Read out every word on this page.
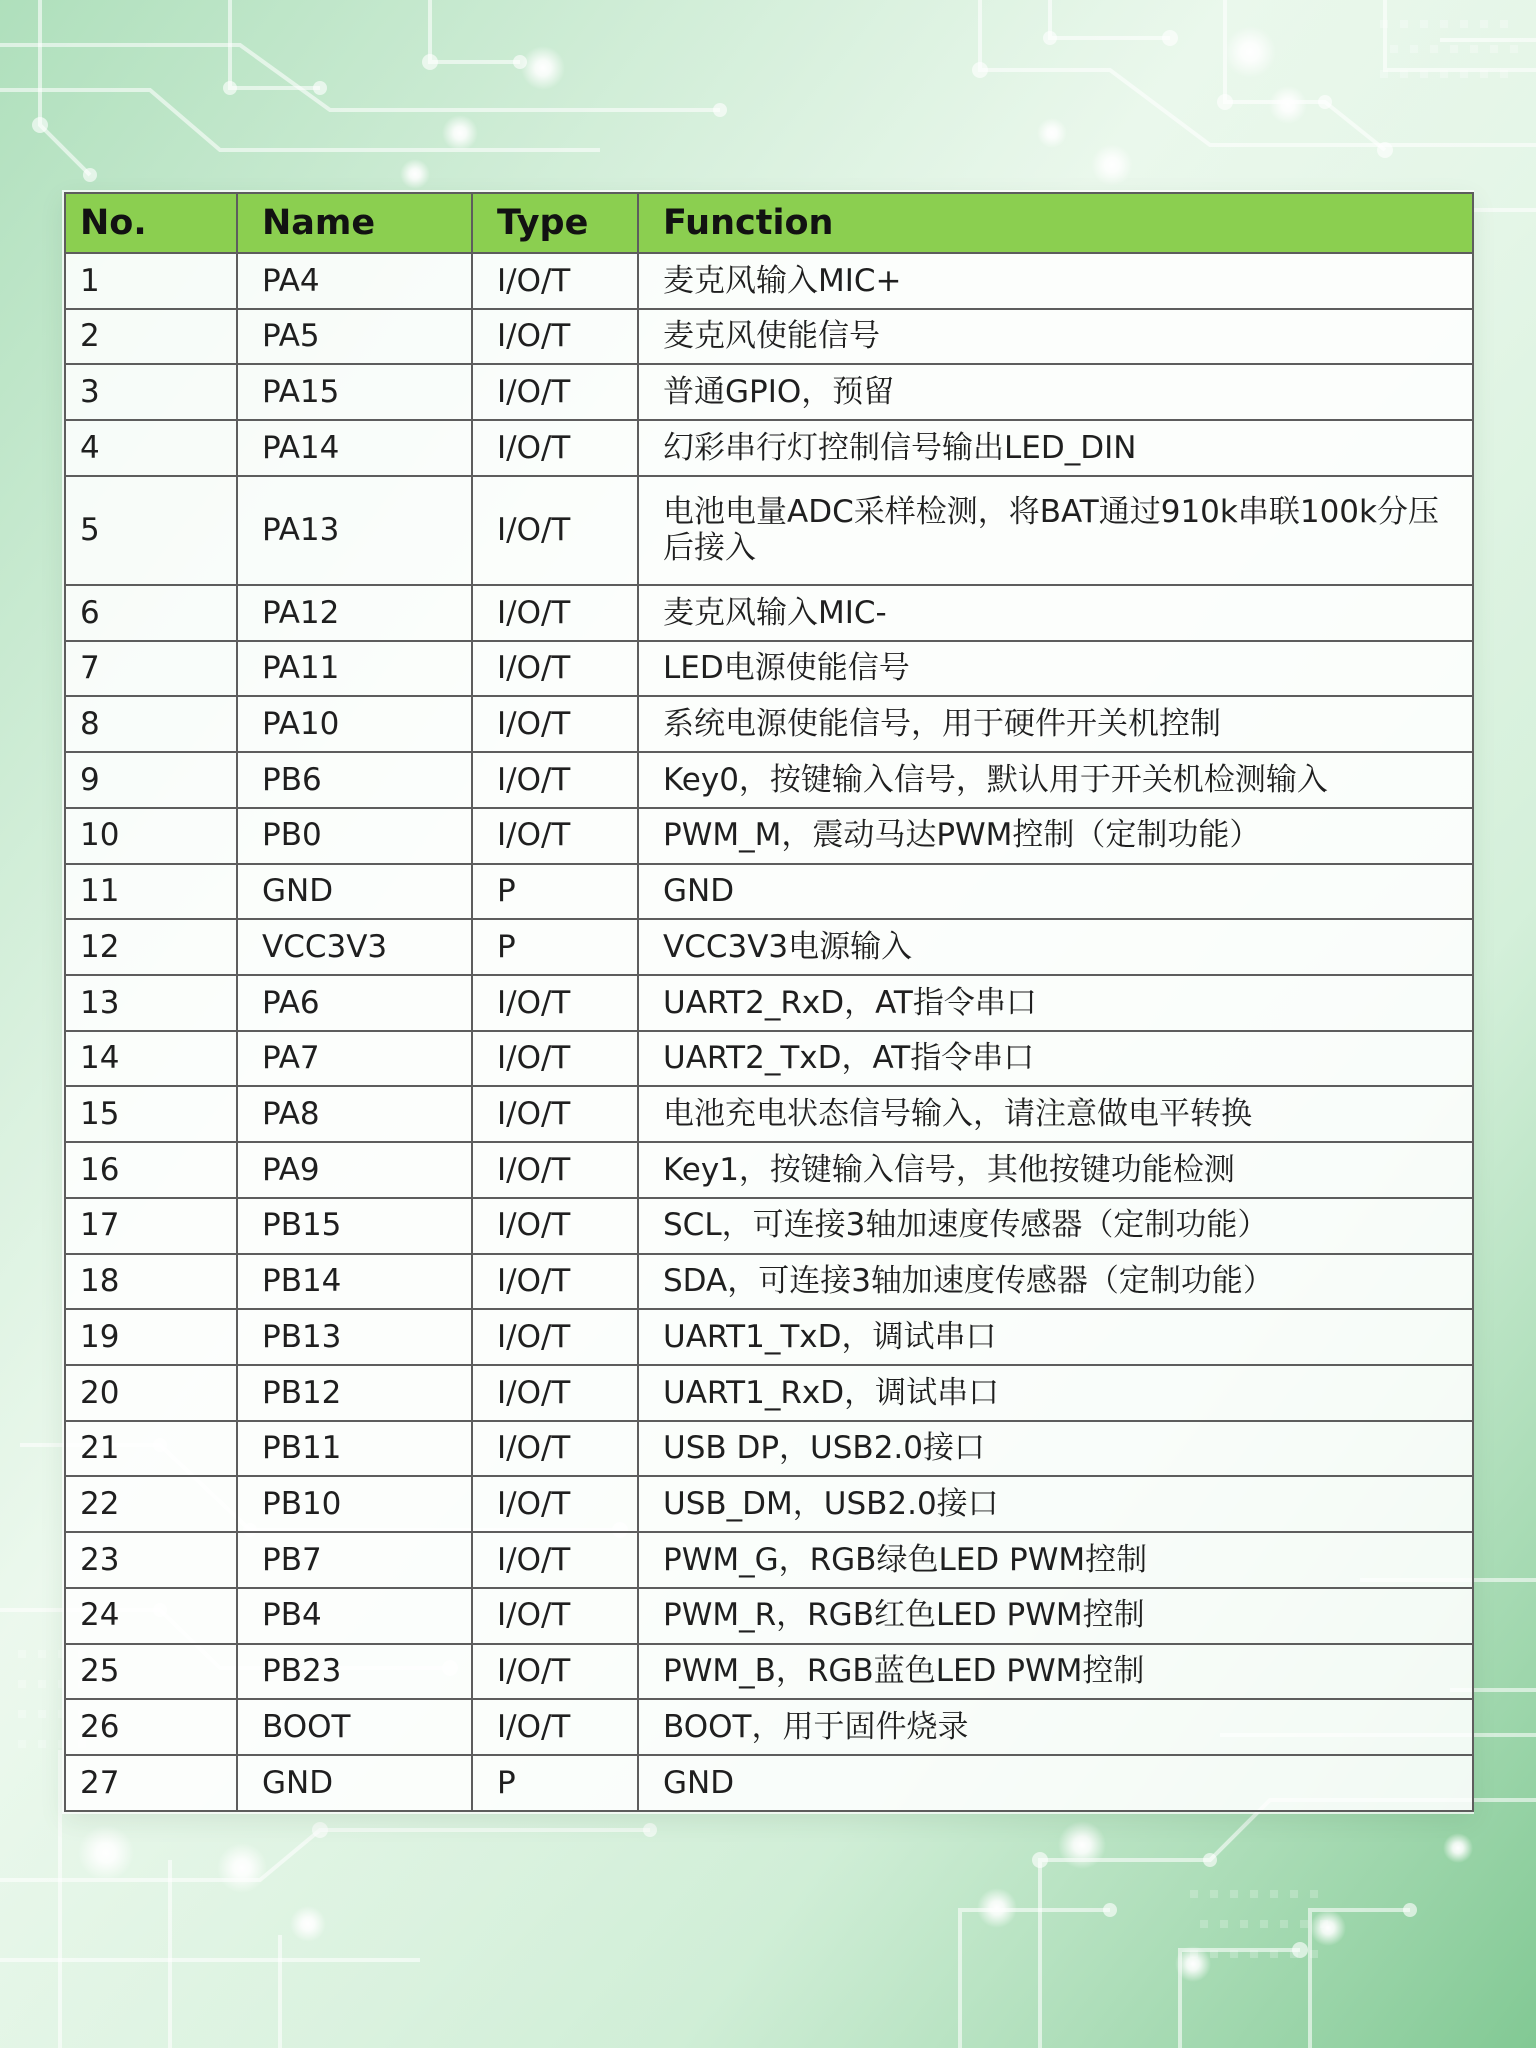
No.	Name	Type	Function
1	PA4	I/O/T	麦克风输入MIC+
2	PA5	I/O/T	麦克风使能信号
3	PA15	I/O/T	普通GPIO，预留
4	PA14	I/O/T	幻彩串行灯控制信号输出LED_DIN
5	PA13	I/O/T	电池电量ADC采样检测，将BAT通过910k串联100k分压后接入
6	PA12	I/O/T	麦克风输入MIC-
7	PA11	I/O/T	LED电源使能信号
8	PA10	I/O/T	系统电源使能信号，用于硬件开关机控制
9	PB6	I/O/T	Key0，按键输入信号，默认用于开关机检测输入
10	PB0	I/O/T	PWM_M，震动马达PWM控制（定制功能）
11	GND	P	GND
12	VCC3V3	P	VCC3V3电源输入
13	PA6	I/O/T	UART2_RxD，AT指令串口
14	PA7	I/O/T	UART2_TxD，AT指令串口
15	PA8	I/O/T	电池充电状态信号输入，请注意做电平转换
16	PA9	I/O/T	Key1，按键输入信号，其他按键功能检测
17	PB15	I/O/T	SCL，可连接3轴加速度传感器（定制功能）
18	PB14	I/O/T	SDA，可连接3轴加速度传感器（定制功能）
19	PB13	I/O/T	UART1_TxD，调试串口
20	PB12	I/O/T	UART1_RxD，调试串口
21	PB11	I/O/T	USB DP，USB2.0接口
22	PB10	I/O/T	USB_DM，USB2.0接口
23	PB7	I/O/T	PWM_G，RGB绿色LED PWM控制
24	PB4	I/O/T	PWM_R，RGB红色LED PWM控制
25	PB23	I/O/T	PWM_B，RGB蓝色LED PWM控制
26	BOOT	I/O/T	BOOT，用于固件烧录
27	GND	P	GND
